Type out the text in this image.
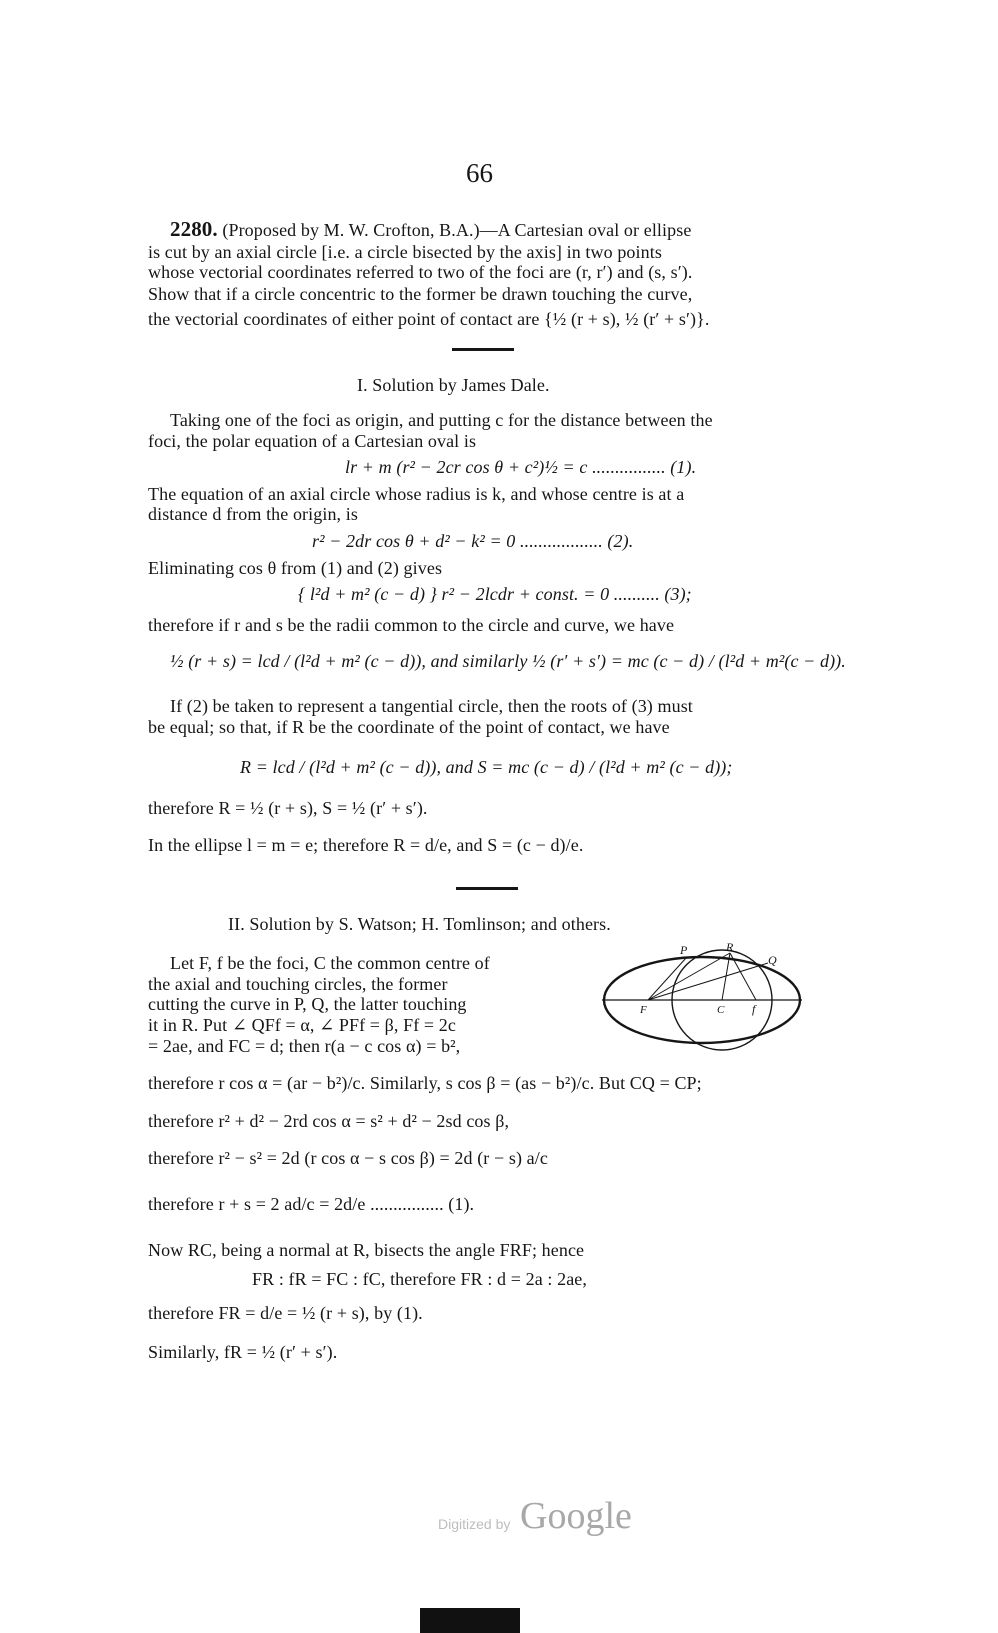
66
2280. (Proposed by M. W. Crofton, B.A.)—A Cartesian oval or ellipse
is cut by an axial circle [i.e. a circle bisected by the axis] in two points
whose vectorial coordinates referred to two of the foci are (r, r′) and (s, s′).
Show that if a circle concentric to the former be drawn touching the curve,
the vectorial coordinates of either point of contact are {½ (r + s), ½ (r′ + s′)}.
I. Solution by James Dale.
Taking one of the foci as origin, and putting c for the distance between the
foci, the polar equation of a Cartesian oval is
lr + m (r² − 2cr cos θ + c²)½ = c ................ (1).
The equation of an axial circle whose radius is k, and whose centre is at a
distance d from the origin, is
r² − 2dr cos θ + d² − k² = 0 .................. (2).
Eliminating cos θ from (1) and (2) gives
{ l²d + m² (c − d) } r² − 2lcdr + const. = 0 .......... (3);
therefore if r and s be the radii common to the circle and curve, we have
½ (r + s) = lcd / (l²d + m² (c − d)), and similarly ½ (r′ + s′) = mc (c − d) / (l²d + m²(c − d)).
If (2) be taken to represent a tangential circle, then the roots of (3) must
be equal; so that, if R be the coordinate of the point of contact, we have
R = lcd / (l²d + m² (c − d)), and S = mc (c − d) / (l²d + m² (c − d));
therefore R = ½ (r + s), S = ½ (r′ + s′).
In the ellipse l = m = e; therefore R = d/e, and S = (c − d)/e.
II. Solution by S. Watson; H. Tomlinson; and others.
Let F, f be the foci, C the common centre of
the axial and touching circles, the former
cutting the curve in P, Q, the latter touching
it in R. Put ∠ QFf = α, ∠ PFf = β, Ff = 2c
= 2ae, and FC = d; then r(a − c cos α) = b²,
P	R
Q
F	C f
therefore r cos α = (ar − b²)/c. Similarly, s cos β = (as − b²)/c. But CQ = CP;
therefore r² + d² − 2rd cos α = s² + d² − 2sd cos β,
therefore r² − s² = 2d (r cos α − s cos β) = 2d (r − s) a/c
therefore r + s = 2 ad/c = 2d/e ................ (1).
Now RC, being a normal at R, bisects the angle FRF; hence
FR : fR = FC : fC, therefore FR : d = 2a : 2ae,
therefore FR = d/e = ½ (r + s), by (1).
Similarly, fR = ½ (r′ + s′).
Digitized by Google
